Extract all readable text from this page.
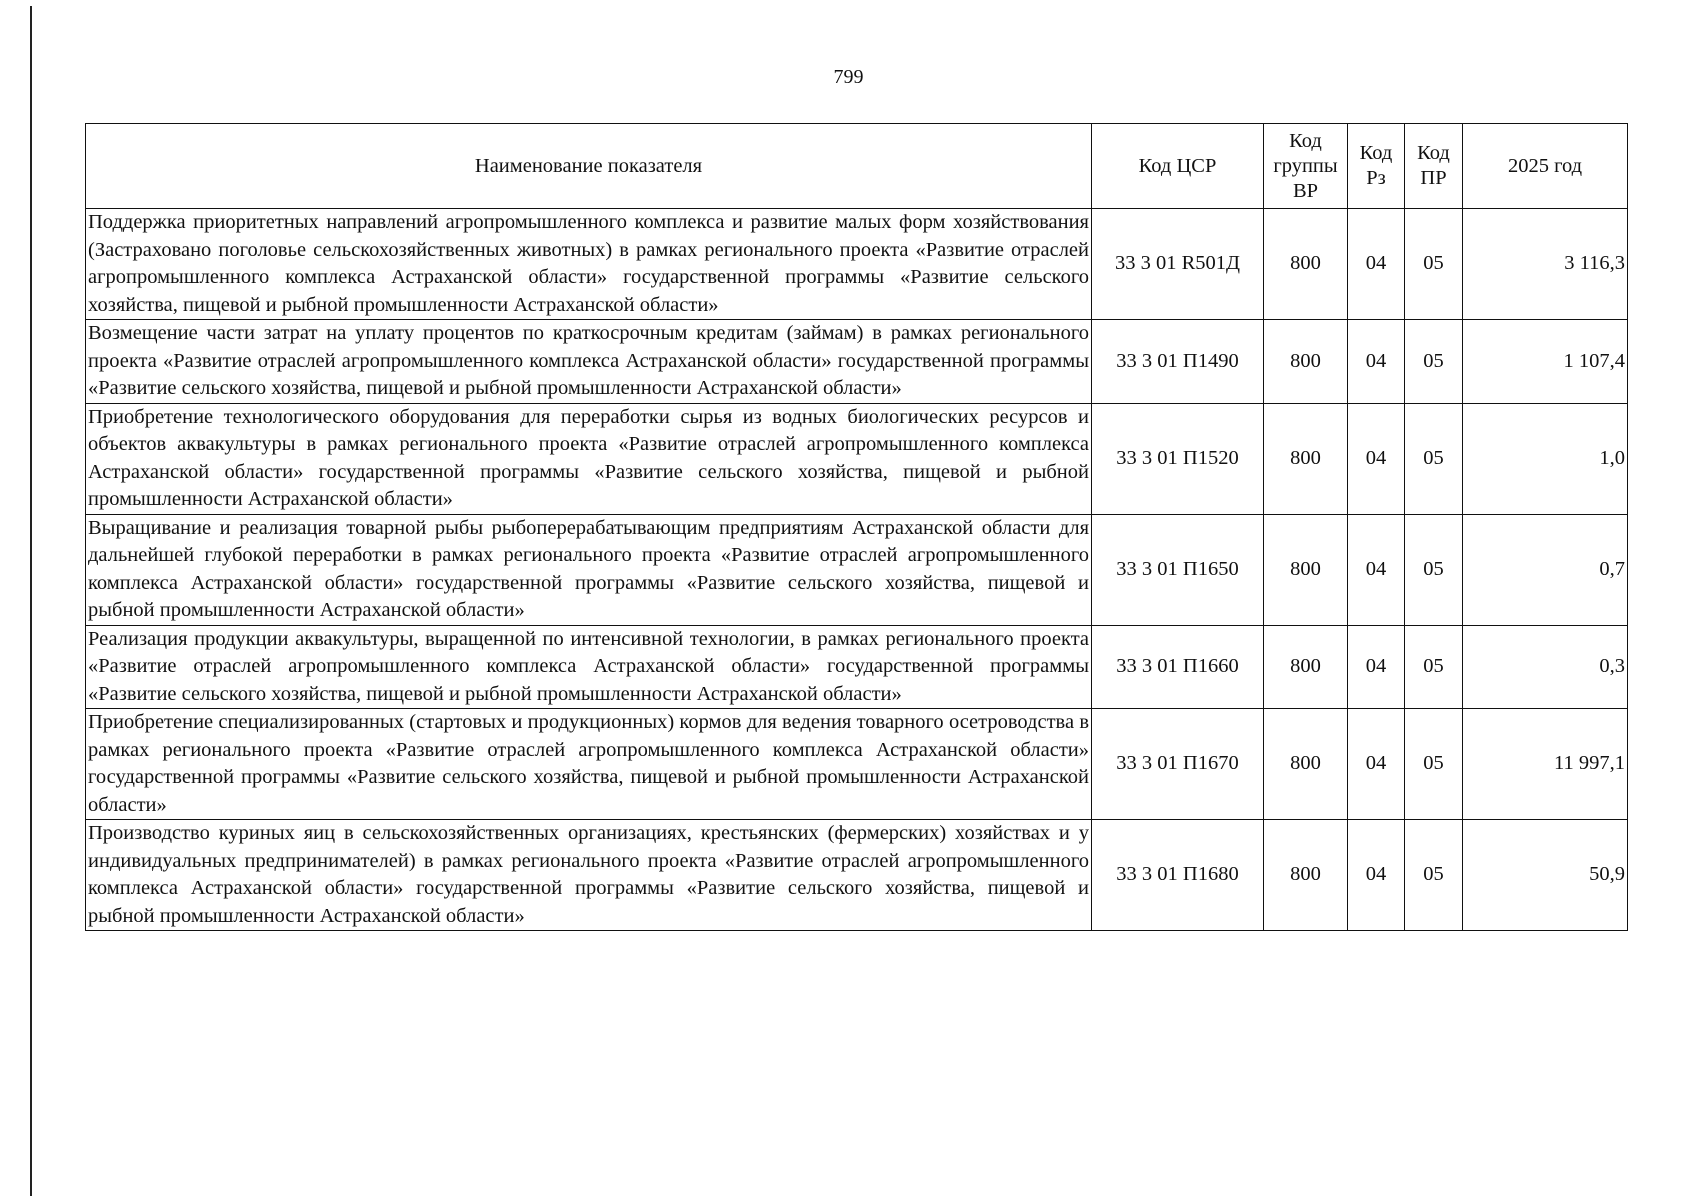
799
Наименование показателя	Код ЦСР	Код группы ВР	Код Рз	Код ПР	2025 год
Поддержка приоритетных направлений агропромышленного комплекса и развитие малых форм хозяйствования (Застраховано поголовье сельскохозяйственных животных) в рамках регионального проекта «Развитие отраслей агропромышленного комплекса Астраханской области» государственной программы «Развитие сельского хозяйства, пищевой и рыбной промышленности Астраханской области»	33 3 01 R501Д	800	04	05	3 116,3
Возмещение части затрат на уплату процентов по краткосрочным кредитам (займам) в рамках регионального проекта «Развитие отраслей агропромышленного комплекса Астраханской области» государственной программы «Развитие сельского хозяйства, пищевой и рыбной промышленности Астраханской области»	33 3 01 П1490	800	04	05	1 107,4
Приобретение технологического оборудования для переработки сырья из водных биологических ресурсов и объектов аквакультуры в рамках регионального проекта «Развитие отраслей агропромышленного комплекса Астраханской области» государственной программы «Развитие сельского хозяйства, пищевой и рыбной промышленности Астраханской области»	33 3 01 П1520	800	04	05	1,0
Выращивание и реализация товарной рыбы рыбоперерабатывающим предприятиям Астраханской области для дальнейшей глубокой переработки в рамках регионального проекта «Развитие отраслей агропромышленного комплекса Астраханской области» государственной программы «Развитие сельского хозяйства, пищевой и рыбной промышленности Астраханской области»	33 3 01 П1650	800	04	05	0,7
Реализация продукции аквакультуры, выращенной по интенсивной технологии, в рамках регионального проекта «Развитие отраслей агропромышленного комплекса Астраханской области» государственной программы «Развитие сельского хозяйства, пищевой и рыбной промышленности Астраханской области»	33 3 01 П1660	800	04	05	0,3
Приобретение специализированных (стартовых и продукционных) кормов для ведения товарного осетроводства в рамках регионального проекта «Развитие отраслей агропромышленного комплекса Астраханской области» государственной программы «Развитие сельского хозяйства, пищевой и рыбной промышленности Астраханской области»	33 3 01 П1670	800	04	05	11 997,1
Производство куриных яиц в сельскохозяйственных организациях, крестьянских (фермерских) хозяйствах и у индивидуальных предпринимателей) в рамках регионального проекта «Развитие отраслей агропромышленного комплекса Астраханской области» государственной программы «Развитие сельского хозяйства, пищевой и рыбной промышленности Астраханской области»	33 3 01 П1680	800	04	05	50,9
